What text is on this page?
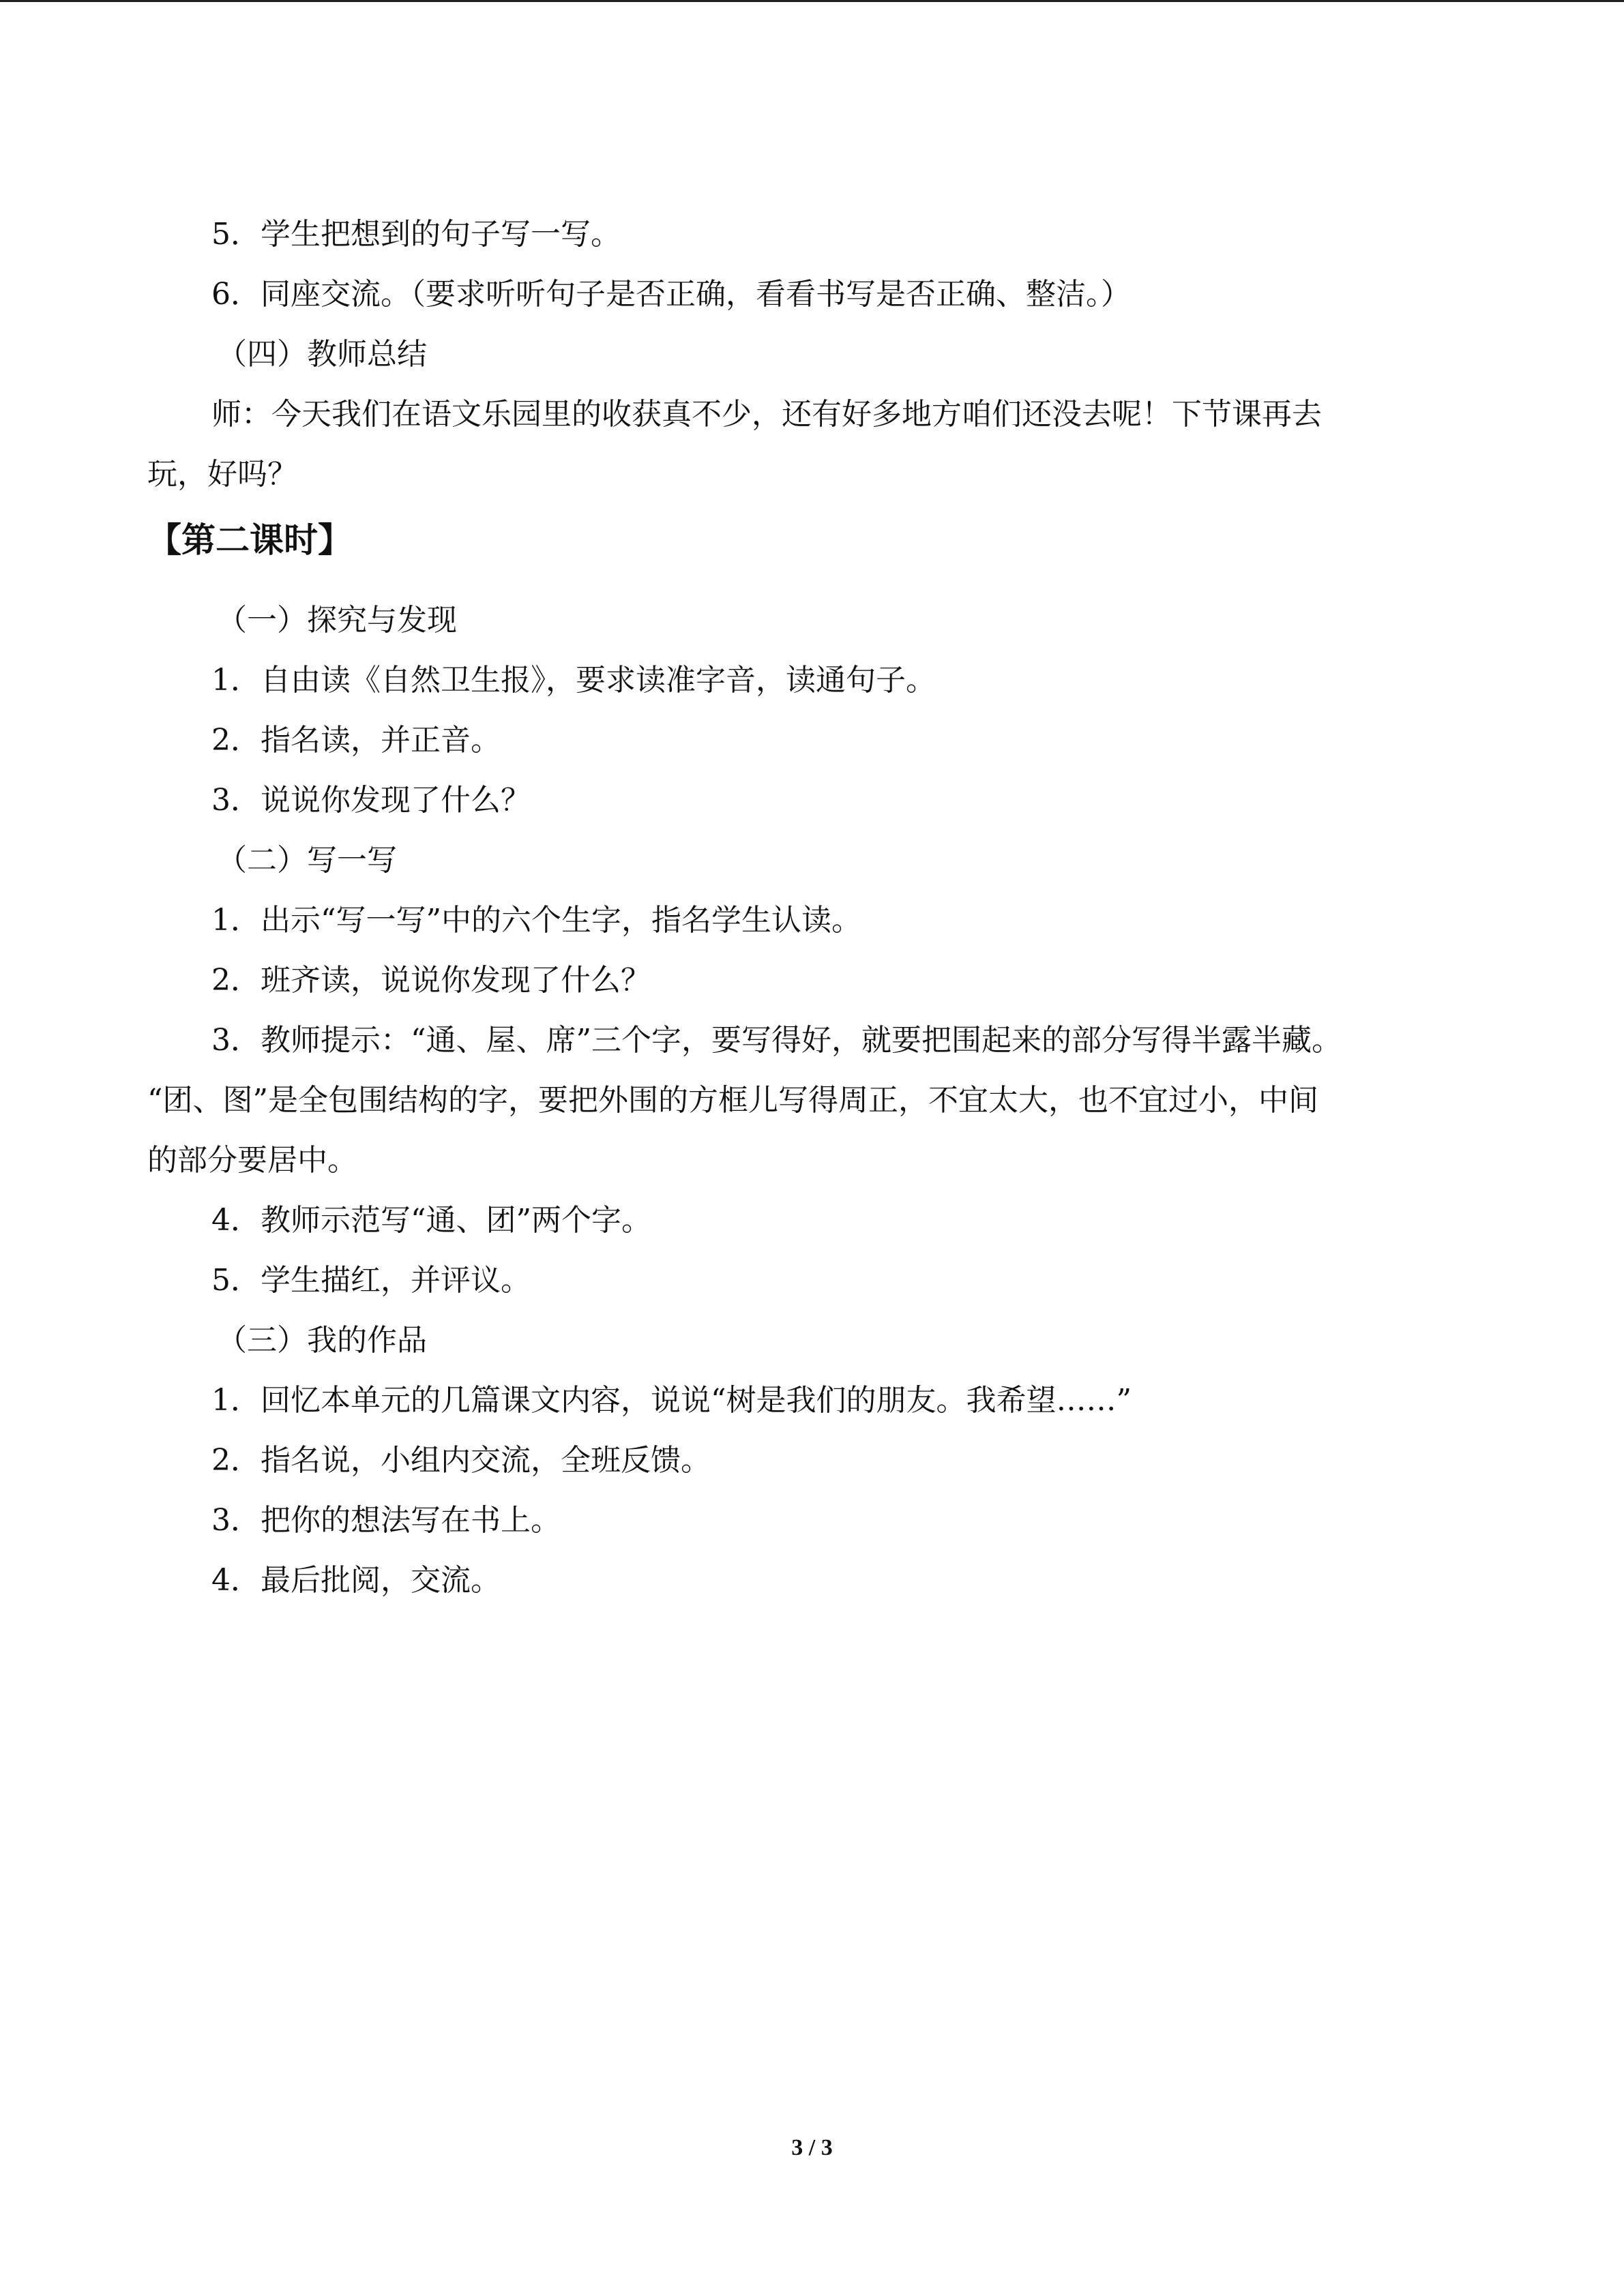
5．学生把想到的句子写一写。
6．同座交流。（要求听听句子是否正确，看看书写是否正确、整洁。）
（四）教师总结
师：今天我们在语文乐园里的收获真不少，还有好多地方咱们还没去呢！下节课再去
玩，好吗？
【第二课时】
（一）探究与发现
1．自由读《自然卫生报》，要求读准字音，读通句子。
2．指名读，并正音。
3．说说你发现了什么？
（二）写一写
1．出示“写一写”中的六个生字，指名学生认读。
2．班齐读，说说你发现了什么？
3．教师提示：“通、屋、席”三个字，要写得好，就要把围起来的部分写得半露半藏。
“团、图”是全包围结构的字，要把外围的方框儿写得周正，不宜太大，也不宜过小，中间
的部分要居中。
4．教师示范写“通、团”两个字。
5．学生描红，并评议。
（三）我的作品
1．回忆本单元的几篇课文内容，说说“树是我们的朋友。我希望……”
2．指名说，小组内交流，全班反馈。
3．把你的想法写在书上。
4．最后批阅，交流。
3 / 3
